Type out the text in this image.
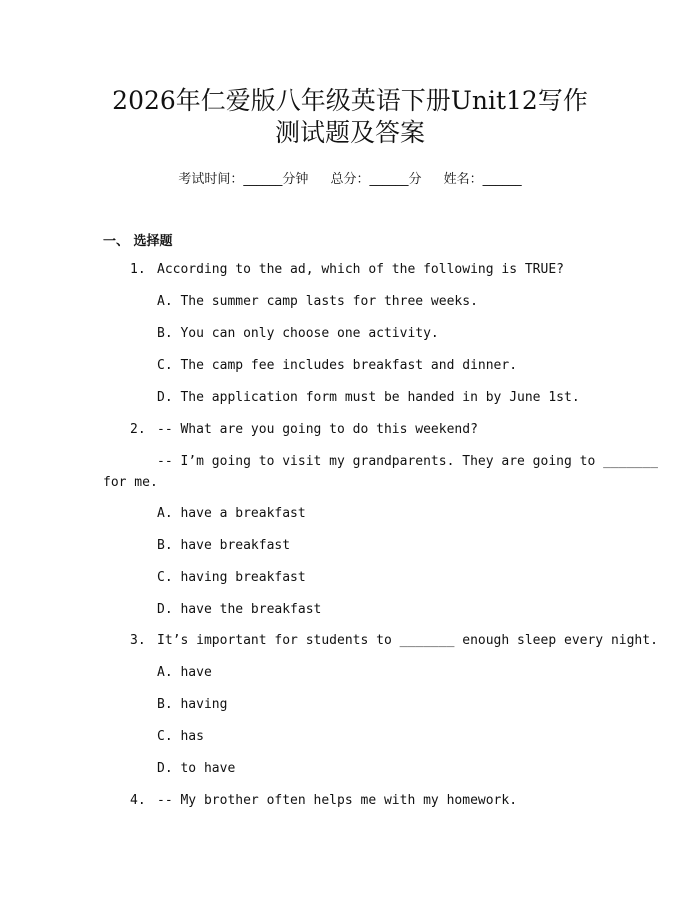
2026年仁爱版八年级英语下册Unit12写作
测试题及答案
考试时间：______分钟 总分：______分 姓名：______
一、 选择题
1. According to the ad, which of the following is TRUE?
A. The summer camp lasts for three weeks.
B. You can only choose one activity.
C. The camp fee includes breakfast and dinner.
D. The application form must be handed in by June 1st.
2. -- What are you going to do this weekend?
-- I’m going to visit my grandparents. They are going to _______
for me.
A. have a breakfast
B. have breakfast
C. having breakfast
D. have the breakfast
3. It’s important for students to _______ enough sleep every night.
A. have
B. having
C. has
D. to have
4. -- My brother often helps me with my homework.
